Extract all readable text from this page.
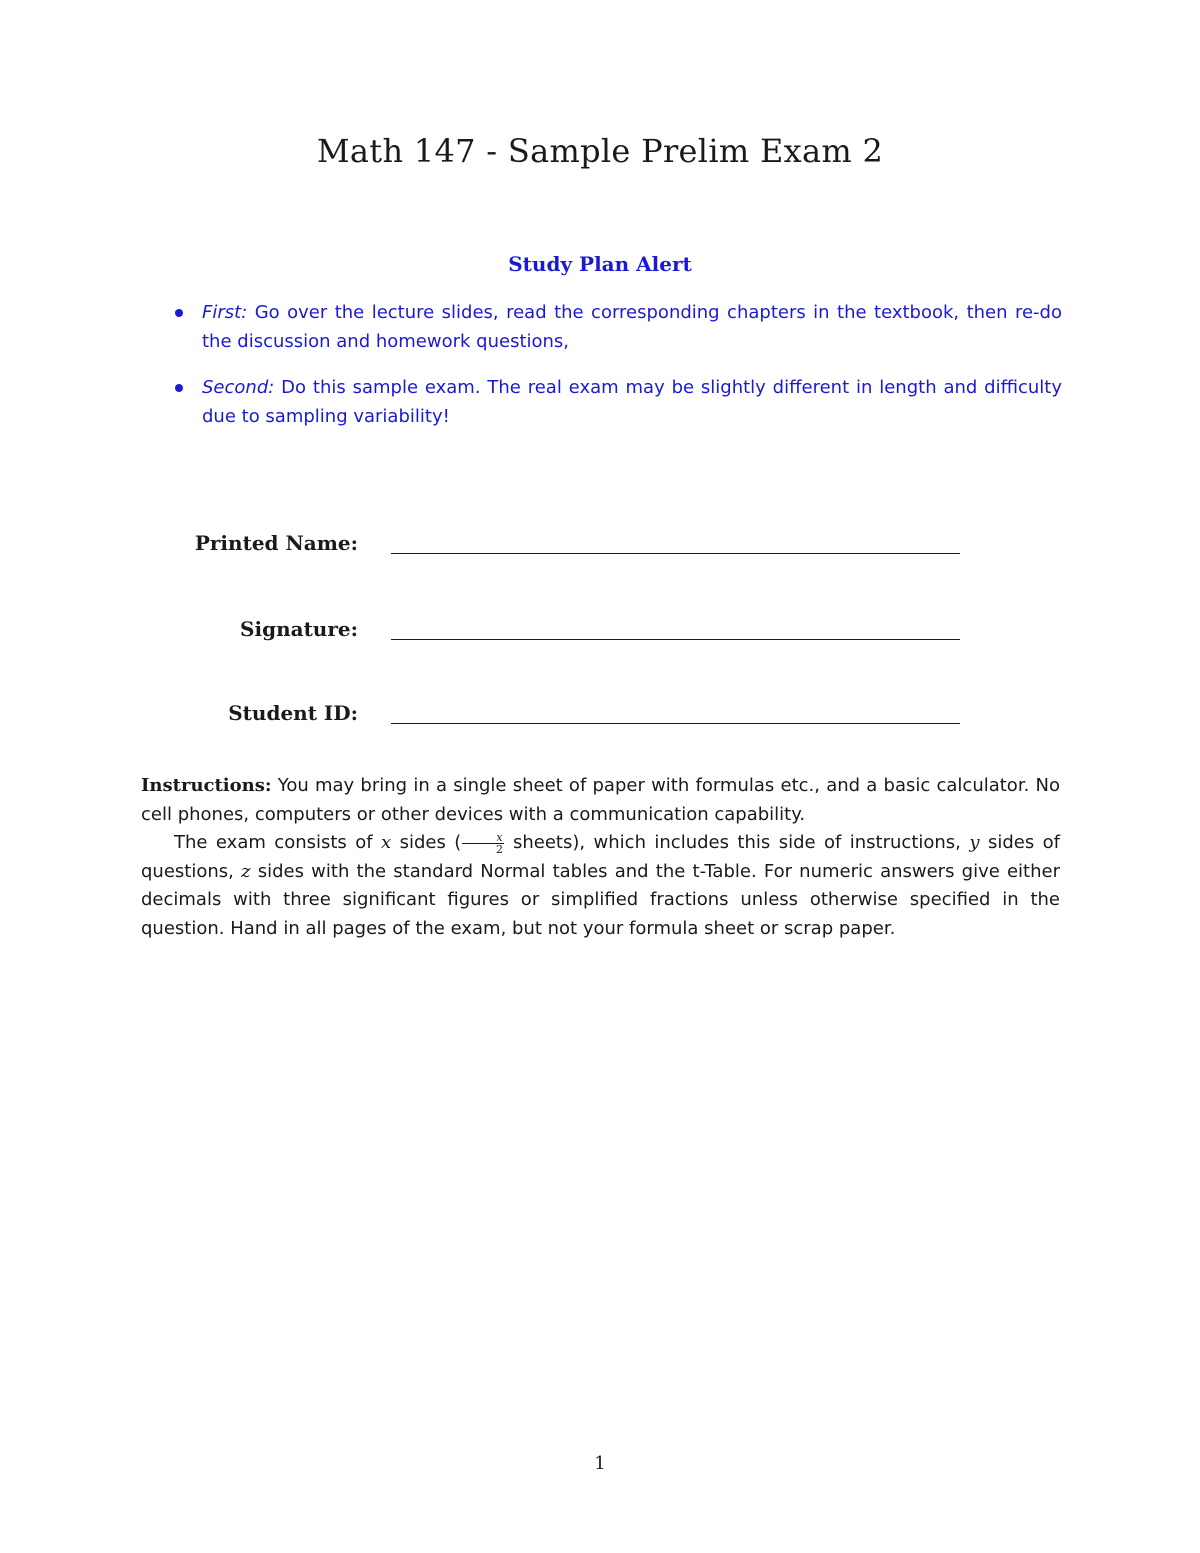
Math 147 - Sample Prelim Exam 2
Study Plan Alert
First: Go over the lecture slides, read the corresponding chapters in the textbook, then re-do the discussion and homework questions,
Second: Do this sample exam. The real exam may be slightly different in length and difficulty due to sampling variability!
Printed Name:
Signature:
Student ID:

Instructions: You may bring in a single sheet of paper with formulas etc., and a basic calculator. No cell phones, computers or other devices with a communication capability.

The exam consists of x sides ( $\frac{x}{2}$ sheets), which includes this side of instructions, y sides of questions, z sides with the standard Normal tables and the t-Table. For numeric answers give either decimals with three significant figures or simplified fractions unless otherwise specified in the question. Hand in all pages of the exam, but not your formula sheet or scrap paper.

1
